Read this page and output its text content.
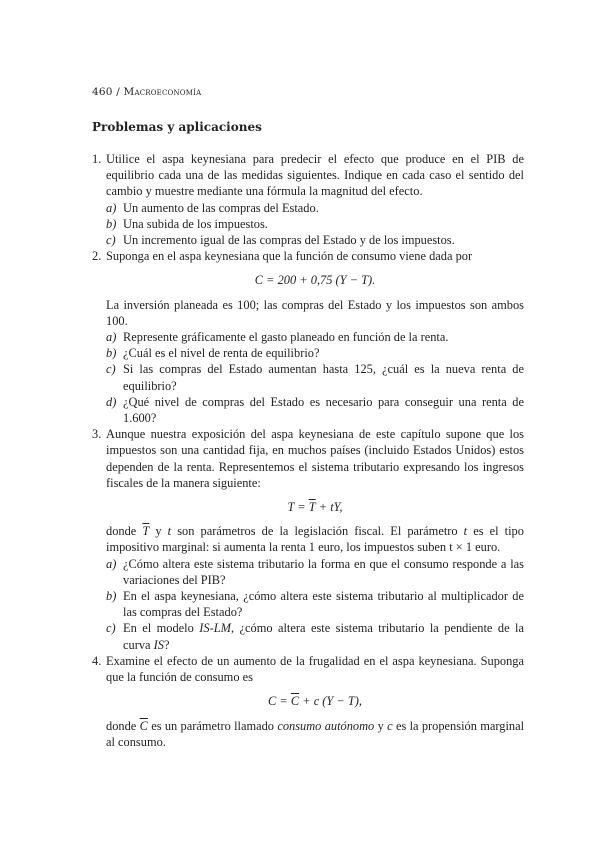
460 / Macroeconomía
Problemas y aplicaciones
1. Utilice el aspa keynesiana para predecir el efecto que produce en el PIB de equilibrio cada una de las medidas siguientes. Indique en cada caso el sentido del cambio y muestre mediante una fórmula la magnitud del efecto.
a) Un aumento de las compras del Estado.
b) Una subida de los impuestos.
c) Un incremento igual de las compras del Estado y de los impuestos.
2. Suponga en el aspa keynesiana que la función de consumo viene dada por
C = 200 + 0,75 (Y − T).
La inversión planeada es 100; las compras del Estado y los impuestos son ambos 100.
a) Represente gráficamente el gasto planeado en función de la renta.
b) ¿Cuál es el nivel de renta de equilibrio?
c) Si las compras del Estado aumentan hasta 125, ¿cuál es la nueva renta de equilibrio?
d) ¿Qué nivel de compras del Estado es necesario para conseguir una renta de 1.600?
3. Aunque nuestra exposición del aspa keynesiana de este capítulo supone que los impuestos son una cantidad fija, en muchos países (incluido Estados Unidos) estos dependen de la renta. Representemos el sistema tributario expresando los ingresos fiscales de la manera siguiente:
$T = \overline{T}$ + tY,
donde $\overline{T}$ y t son parámetros de la legislación fiscal. El parámetro t es el tipo impositivo marginal: si aumenta la renta 1 euro, los impuestos suben t × 1 euro.
a) ¿Cómo altera este sistema tributario la forma en que el consumo responde a las variaciones del PIB?
b) En el aspa keynesiana, ¿cómo altera este sistema tributario al multiplicador de las compras del Estado?
c) En el modelo IS-LM, ¿cómo altera este sistema tributario la pendiente de la curva IS?
4. Examine el efecto de un aumento de la frugalidad en el aspa keynesiana. Suponga que la función de consumo es
$C = \overline{C} + c$ (Y − T),
donde $\overline{C}$ es un parámetro llamado consumo autónomo y c es la propensión marginal al consumo.
